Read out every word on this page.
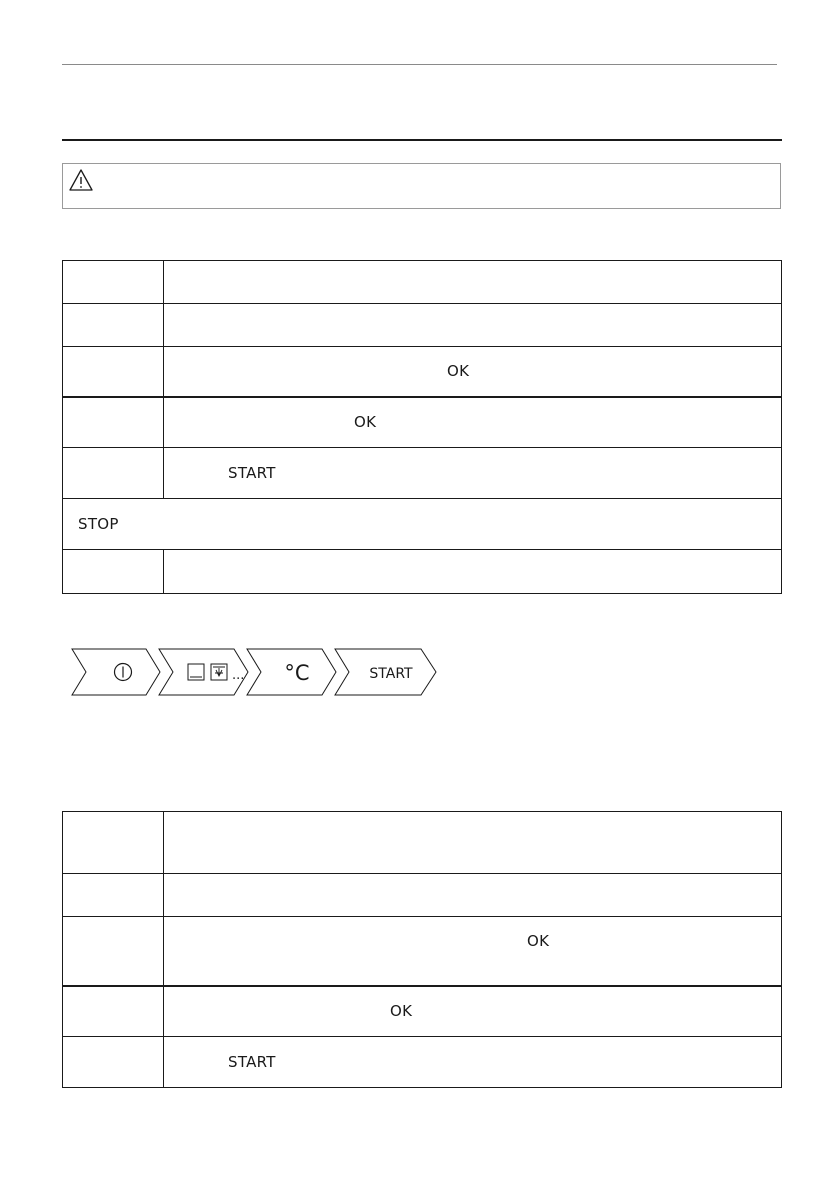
	OK

	OK

	START

STOP	

... °C	START

	OK

	OK

	START
